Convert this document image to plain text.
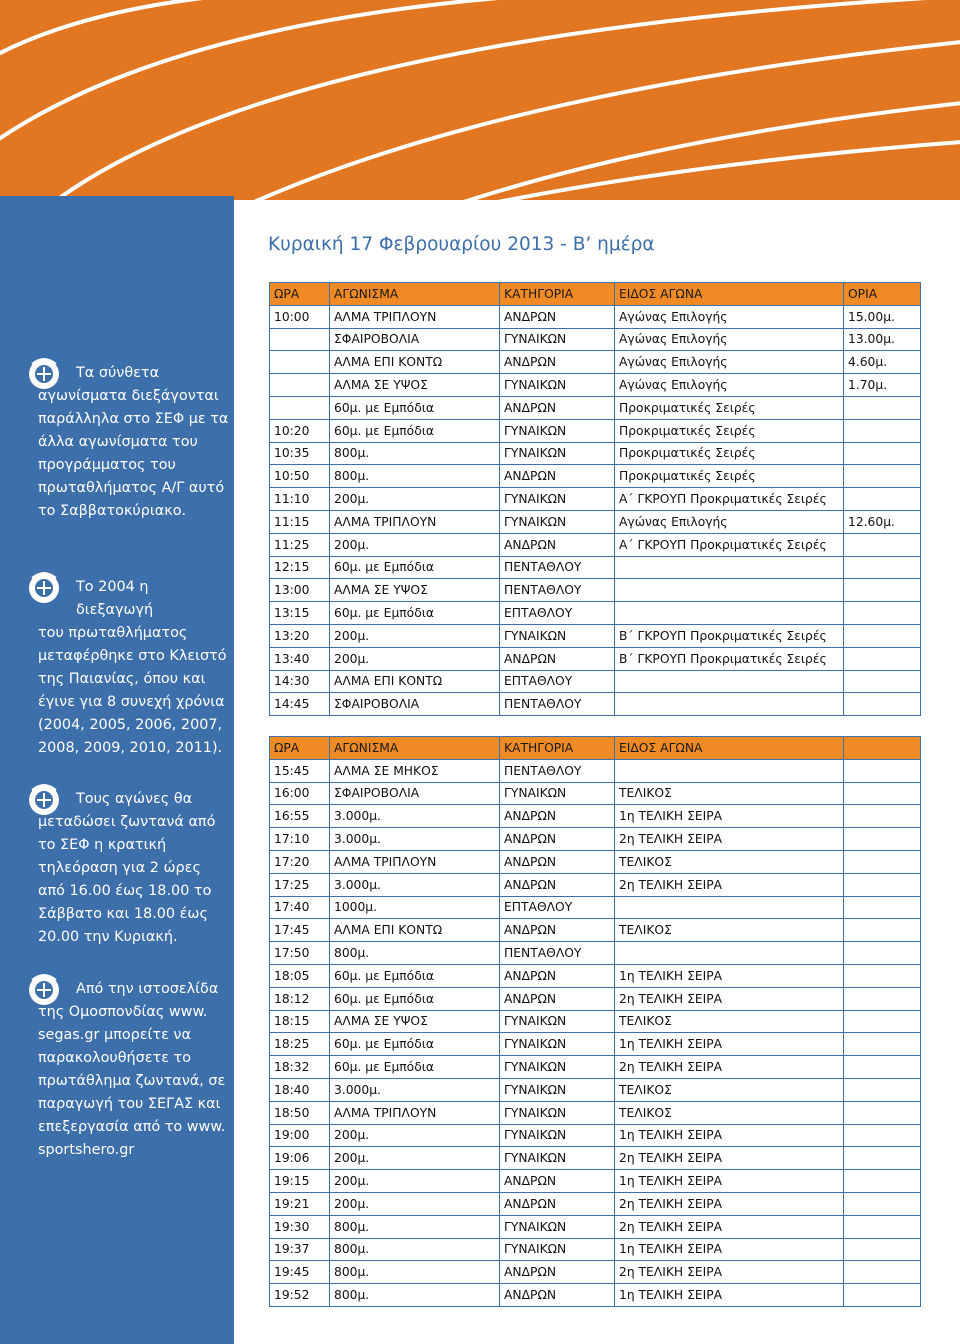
Τα σύνθετα
αγωνίσματα διεξάγονται παράλληλα στο ΣΕΦ με τα άλλα αγωνίσματα του προγράμματος του πρωταθλήματος Α/Γ αυτό το Σαββατοκύριακο.
Το 2004 η διεξαγωγή
του πρωταθλήματος μεταφέρθηκε στο Κλειστό της Παιανίας, όπου και έγινε για 8 συνεχή χρόνια (2004, 2005, 2006, 2007, 2008, 2009, 2010, 2011).
Τους αγώνες θα
μεταδώσει ζωντανά από το ΣΕΦ η κρατική τηλεόραση για 2 ώρες από 16.00 έως 18.00 το Σάββατο και 18.00 έως 20.00 την Κυριακή.
Από την ιστοσελίδα
της Ομοσπονδίας www. segas.gr μπορείτε να παρακολουθήσετε το πρωτάθλημα ζωντανά, σε παραγωγή του ΣΕΓΑΣ και επεξεργασία από το www. sportshero.gr
Κυραική 17 Φεβρουαρίου 2013 - Β’ ημέρα
ΩΡΑ	ΑΓΩΝΙΣΜΑ	ΚΑΤΗΓΟΡΙΑ	ΕΙΔΟΣ ΑΓΩΝΑ	ΟΡΙΑ
10:00	ΑΛΜΑ ΤΡΙΠΛΟΥΝ	ΑΝΔΡΩΝ	Αγώνας Επιλογής	15.00μ.
	ΣΦΑΙΡΟΒΟΛΙΑ	ΓΥΝΑΙΚΩΝ	Αγώνας Επιλογής	13.00μ.
	ΑΛΜΑ ΕΠΙ ΚΟΝΤΩ	ΑΝΔΡΩΝ	Αγώνας Επιλογής	4.60μ.
	ΑΛΜΑ ΣΕ ΥΨΟΣ	ΓΥΝΑΙΚΩΝ	Αγώνας Επιλογής	1.70μ.
	60μ. με Εμπόδια	ΑΝΔΡΩΝ	Προκριματικές Σειρές	
10:20	60μ. με Εμπόδια	ΓΥΝΑΙΚΩΝ	Προκριματικές Σειρές	
10:35	800μ.	ΓΥΝΑΙΚΩΝ	Προκριματικές Σειρές	
10:50	800μ.	ΑΝΔΡΩΝ	Προκριματικές Σειρές	
11:10	200μ.	ΓΥΝΑΙΚΩΝ	Α΄ ΓΚΡΟΥΠ Προκριματικές Σειρές	
11:15	ΑΛΜΑ ΤΡΙΠΛΟΥΝ	ΓΥΝΑΙΚΩΝ	Αγώνας Επιλογής	12.60μ.
11:25	200μ.	ΑΝΔΡΩΝ	Α΄ ΓΚΡΟΥΠ Προκριματικές Σειρές	
12:15	60μ. με Εμπόδια	ΠΕΝΤΑΘΛΟΥ		
13:00	ΑΛΜΑ ΣΕ ΥΨΟΣ	ΠΕΝΤΑΘΛΟΥ		
13:15	60μ. με Εμπόδια	ΕΠΤΑΘΛΟΥ		
13:20	200μ.	ΓΥΝΑΙΚΩΝ	Β΄ ΓΚΡΟΥΠ Προκριματικές Σειρές	
13:40	200μ.	ΑΝΔΡΩΝ	Β΄ ΓΚΡΟΥΠ Προκριματικές Σειρές	
14:30	ΑΛΜΑ ΕΠΙ ΚΟΝΤΩ	ΕΠΤΑΘΛΟΥ		
14:45	ΣΦΑΙΡΟΒΟΛΙΑ	ΠΕΝΤΑΘΛΟΥ		
ΩΡΑ	ΑΓΩΝΙΣΜΑ	ΚΑΤΗΓΟΡΙΑ	ΕΙΔΟΣ ΑΓΩΝΑ	
15:45	ΑΛΜΑ ΣΕ ΜΗΚΟΣ	ΠΕΝΤΑΘΛΟΥ		
16:00	ΣΦΑΙΡΟΒΟΛΙΑ	ΓΥΝΑΙΚΩΝ	ΤΕΛΙΚΟΣ	
16:55	3.000μ.	ΑΝΔΡΩΝ	1η ΤΕΛΙΚΗ ΣΕΙΡΑ	
17:10	3.000μ.	ΑΝΔΡΩΝ	2η ΤΕΛΙΚΗ ΣΕΙΡΑ	
17:20	ΑΛΜΑ ΤΡΙΠΛΟΥΝ	ΑΝΔΡΩΝ	ΤΕΛΙΚΟΣ	
17:25	3.000μ.	ΑΝΔΡΩΝ	2η ΤΕΛΙΚΗ ΣΕΙΡΑ	
17:40	1000μ.	ΕΠΤΑΘΛΟΥ		
17:45	ΑΛΜΑ ΕΠΙ ΚΟΝΤΩ	ΑΝΔΡΩΝ	ΤΕΛΙΚΟΣ	
17:50	800μ.	ΠΕΝΤΑΘΛΟΥ		
18:05	60μ. με Εμπόδια	ΑΝΔΡΩΝ	1η ΤΕΛΙΚΗ ΣΕΙΡΑ	
18:12	60μ. με Εμπόδια	ΑΝΔΡΩΝ	2η ΤΕΛΙΚΗ ΣΕΙΡΑ	
18:15	ΑΛΜΑ ΣΕ ΥΨΟΣ	ΓΥΝΑΙΚΩΝ	ΤΕΛΙΚΟΣ	
18:25	60μ. με Εμπόδια	ΓΥΝΑΙΚΩΝ	1η ΤΕΛΙΚΗ ΣΕΙΡΑ	
18:32	60μ. με Εμπόδια	ΓΥΝΑΙΚΩΝ	2η ΤΕΛΙΚΗ ΣΕΙΡΑ	
18:40	3.000μ.	ΓΥΝΑΙΚΩΝ	ΤΕΛΙΚΟΣ	
18:50	ΑΛΜΑ ΤΡΙΠΛΟΥΝ	ΓΥΝΑΙΚΩΝ	ΤΕΛΙΚΟΣ	
19:00	200μ.	ΓΥΝΑΙΚΩΝ	1η ΤΕΛΙΚΗ ΣΕΙΡΑ	
19:06	200μ.	ΓΥΝΑΙΚΩΝ	2η ΤΕΛΙΚΗ ΣΕΙΡΑ	
19:15	200μ.	ΑΝΔΡΩΝ	1η ΤΕΛΙΚΗ ΣΕΙΡΑ	
19:21	200μ.	ΑΝΔΡΩΝ	2η ΤΕΛΙΚΗ ΣΕΙΡΑ	
19:30	800μ.	ΓΥΝΑΙΚΩΝ	2η ΤΕΛΙΚΗ ΣΕΙΡΑ	
19:37	800μ.	ΓΥΝΑΙΚΩΝ	1η ΤΕΛΙΚΗ ΣΕΙΡΑ	
19:45	800μ.	ΑΝΔΡΩΝ	2η ΤΕΛΙΚΗ ΣΕΙΡΑ	
19:52	800μ.	ΑΝΔΡΩΝ	1η ΤΕΛΙΚΗ ΣΕΙΡΑ	
